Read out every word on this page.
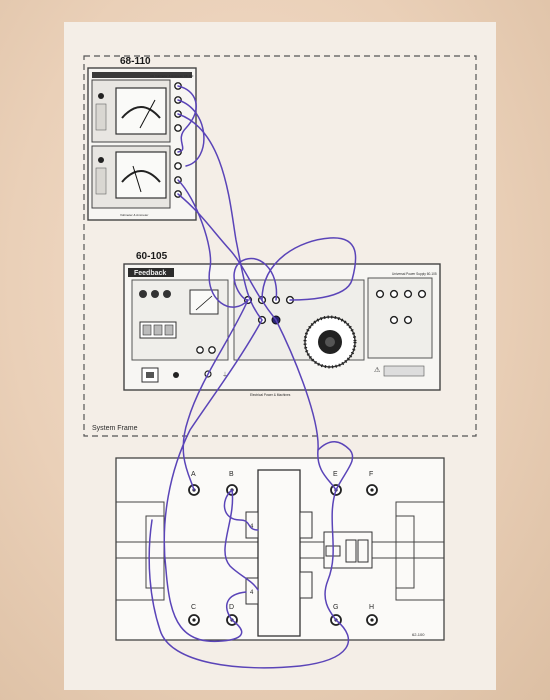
System Frame
68-110
AC Voltmeter & Ammeter 68-110
Voltmeter & Ammeter
60-105
Feedback	Universal Power Supply 60-105
⏚
⚠
Electrical Power & Machines
4
4
A	B
C	D
E	F
G	H
62-100
